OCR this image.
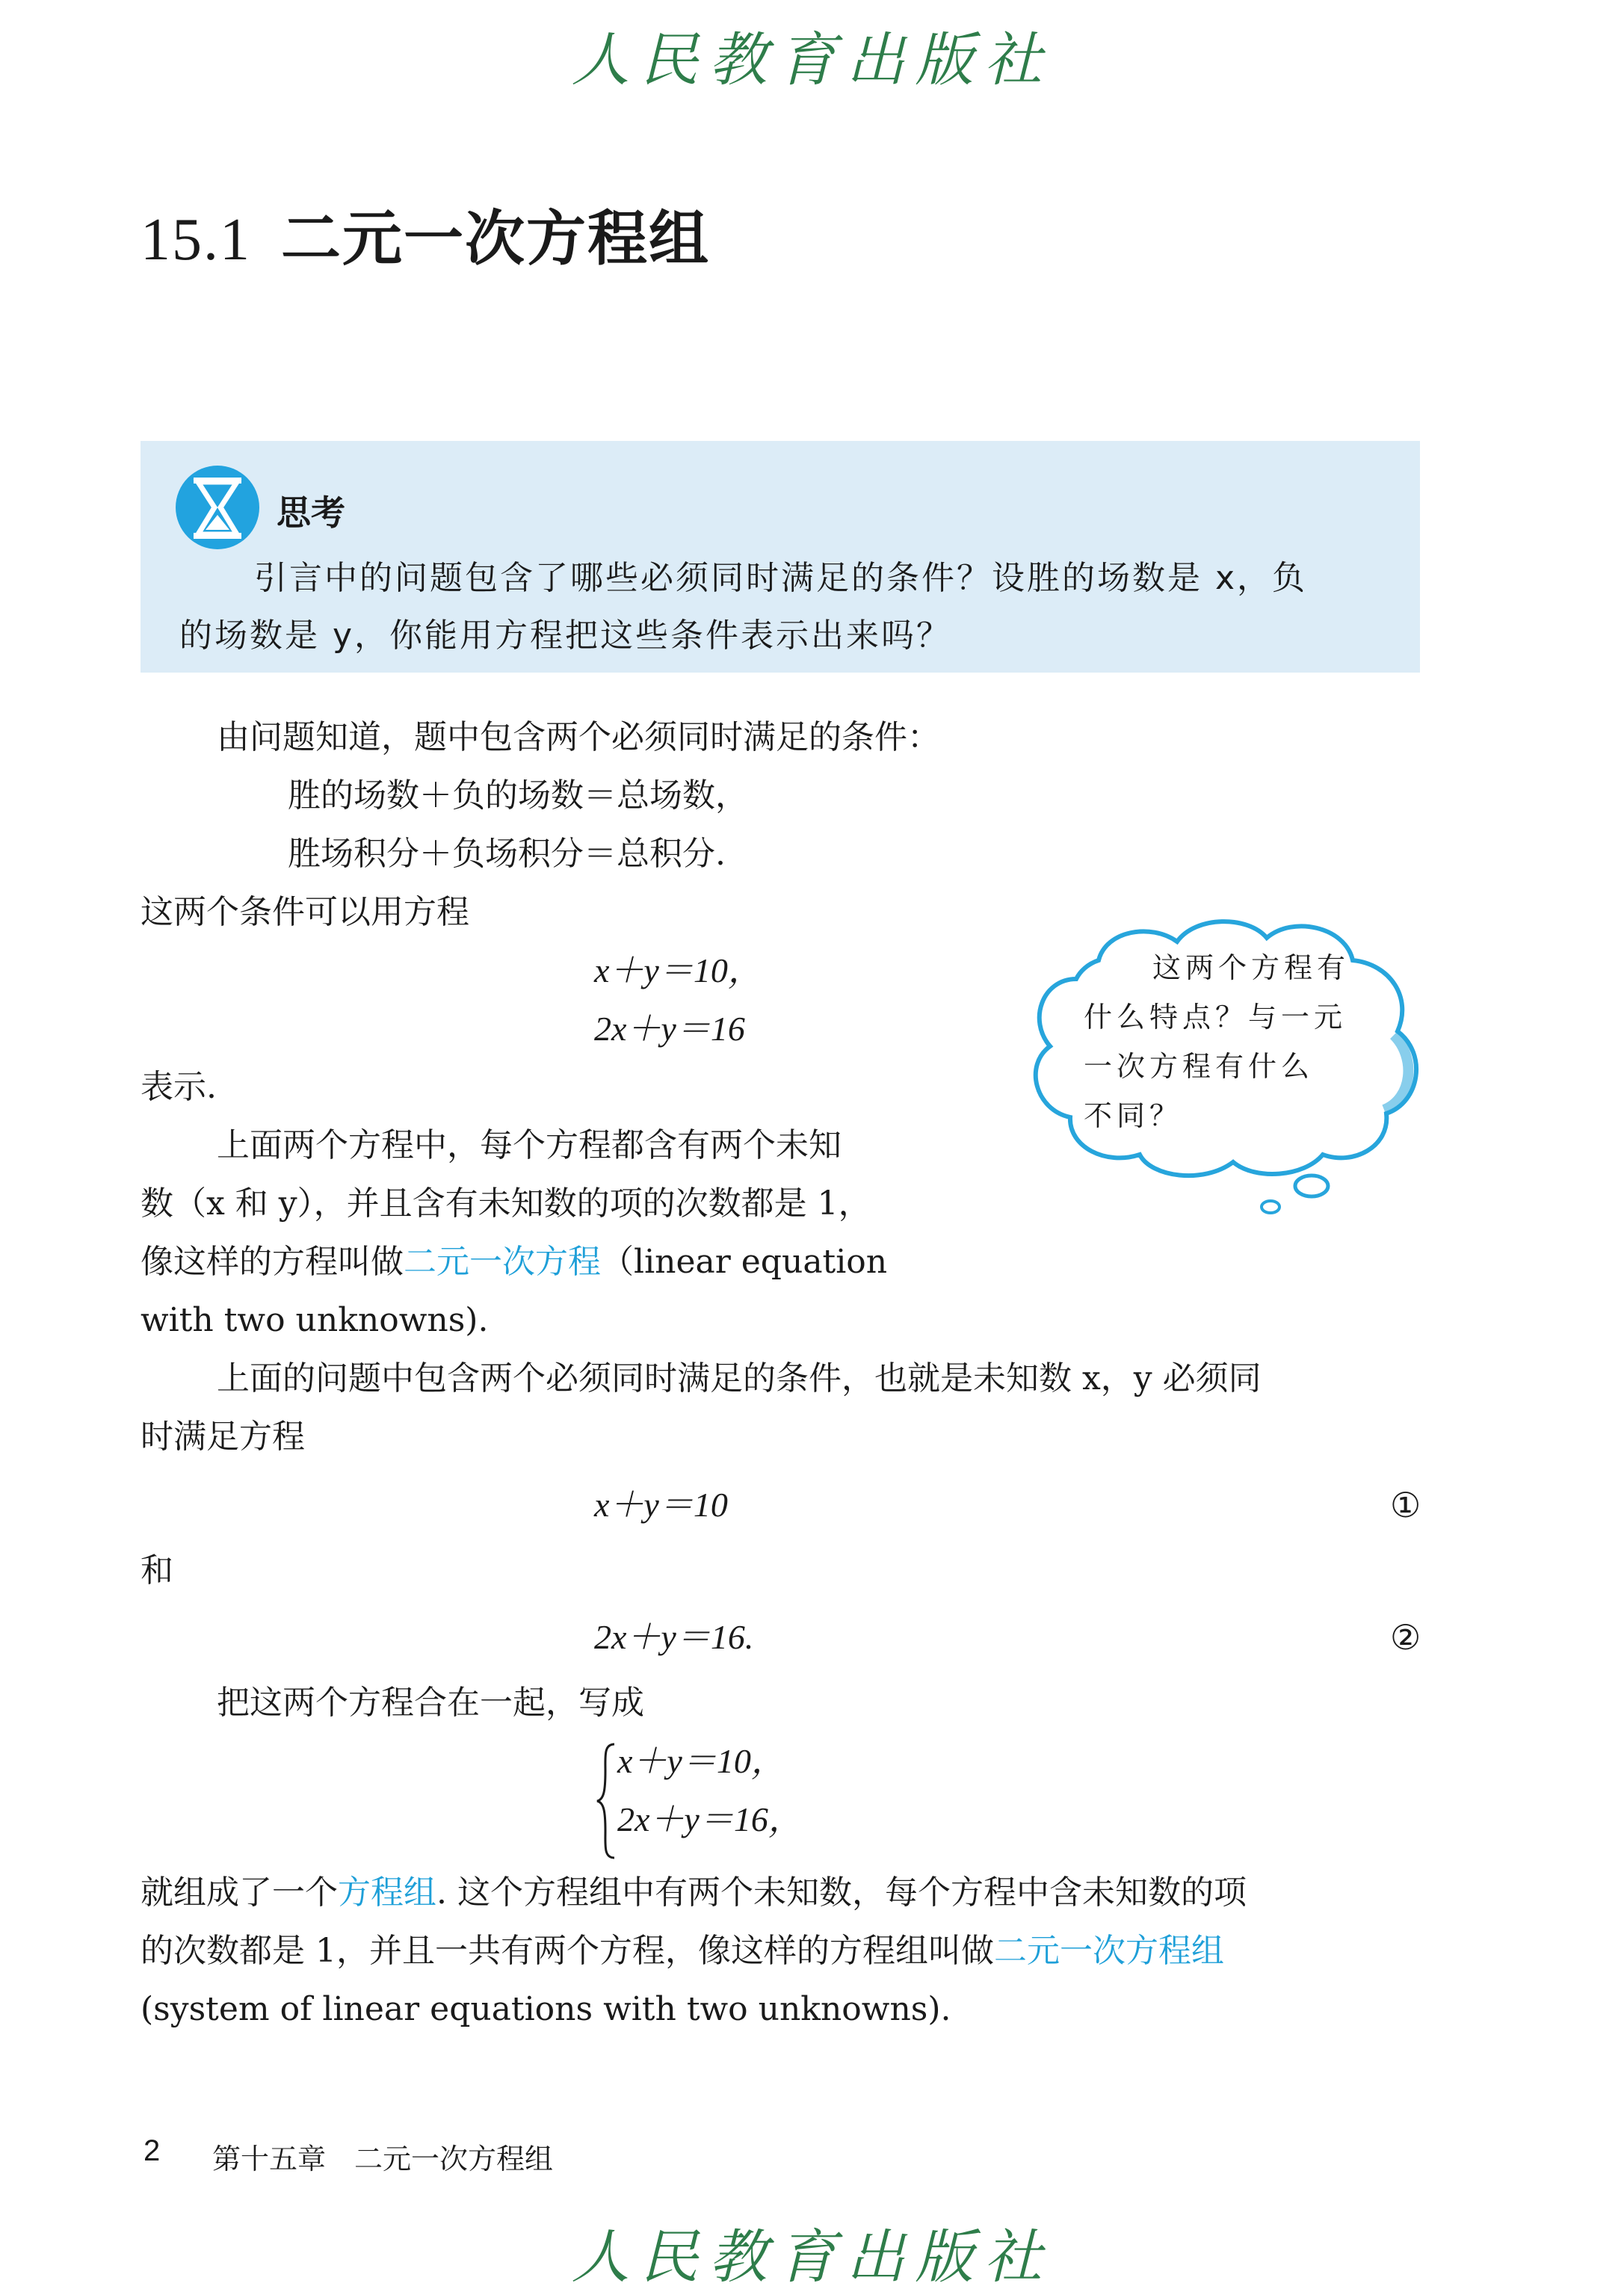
人民教育出版社
15.1 二元一次方程组
思考
引言中的问题包含了哪些必须同时满足的条件？设胜的场数是 x，负
的场数是 y，你能用方程把这些条件表示出来吗？
由问题知道，题中包含两个必须同时满足的条件：
胜的场数＋负的场数＝总场数，
胜场积分＋负场积分＝总积分.
这两个条件可以用方程
x＋y＝10，
2x＋y＝16
表示.
上面两个方程中，每个方程都含有两个未知
数（x 和 y），并且含有未知数的项的次数都是 1，
像这样的方程叫做二元一次方程（linear equation
with two unknowns).
上面的问题中包含两个必须同时满足的条件，也就是未知数 x，y 必须同
时满足方程
x＋y＝10	①
和
2x＋y＝16.	②
把这两个方程合在一起，写成
x＋y＝10，
2x＋y＝16，
就组成了一个方程组. 这个方程组中有两个未知数，每个方程中含未知数的项
的次数都是 1，并且一共有两个方程，像这样的方程组叫做二元一次方程组
(system of linear equations with two unknowns).
这两个方程有
什么特点？与一元
一次方程有什么
不同？
2 第十五章　二元一次方程组
人民教育出版社
